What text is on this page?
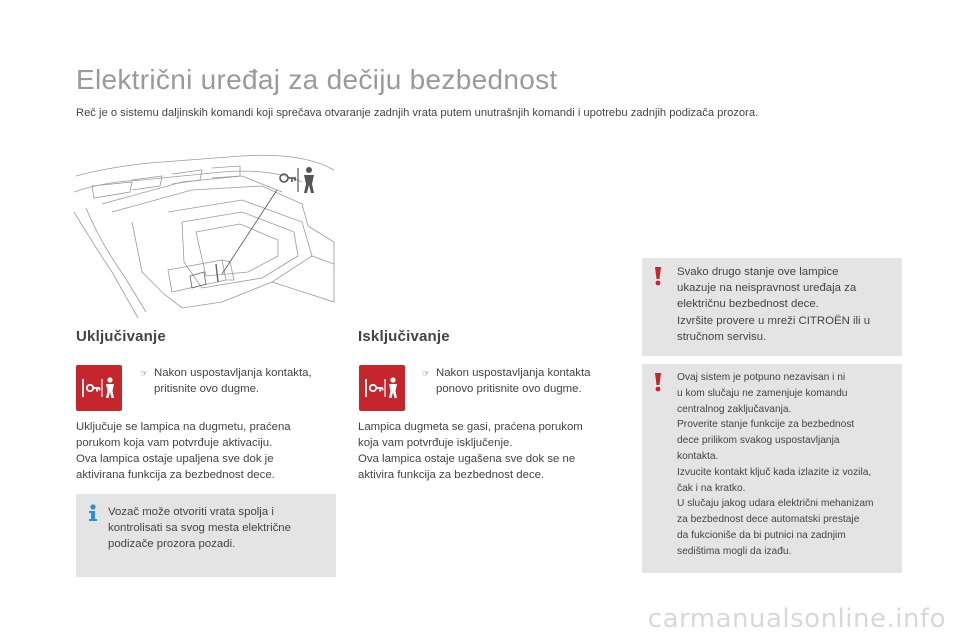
Električni uređaj za dečiju bezbednost
Reč je o sistemu daljinskih komandi koji sprečava otvaranje zadnjih vrata putem unutrašnjih komandi i upotrebu zadnjih podizača prozora.
Uključivanje
☞ Nakon uspostavljanja kontakta,
pritisnite ovo dugme.
Uključuje se lampica na dugmetu, praćena
porukom koja vam potvrđuje aktivaciju.
Ova lampica ostaje upaljena sve dok je
aktivirana funkcija za bezbednost dece.
Vozač može otvoriti vrata spolja i
kontrolisati sa svog mesta električne
podizače prozora pozadi.
Isključivanje
☞ Nakon uspostavljanja kontakta
ponovo pritisnite ovo dugme.
Lampica dugmeta se gasi, praćena porukom
koja vam potvrđuje isključenje.
Ova lampica ostaje ugašena sve dok se ne
aktivira funkcija za bezbednost dece.
Svako drugo stanje ove lampice
ukazuje na neispravnost uređaja za
električnu bezbednost dece.
Izvršite provere u mreži CITROËN ili u
stručnom servisu.
Ovaj sistem je potpuno nezavisan i ni
u kom slučaju ne zamenjuje komandu
centralnog zaključavanja.
Proverite stanje funkcije za bezbednost
dece prilikom svakog uspostavljanja
kontakta.
Izvucite kontakt ključ kada izlazite iz vozila,
čak i na kratko.
U slučaju jakog udara električni mehanizam
za bezbednost dece automatski prestaje
da fukcioniše da bi putnici na zadnjim
sedištima mogli da izađu.
carmanualsonline.info
